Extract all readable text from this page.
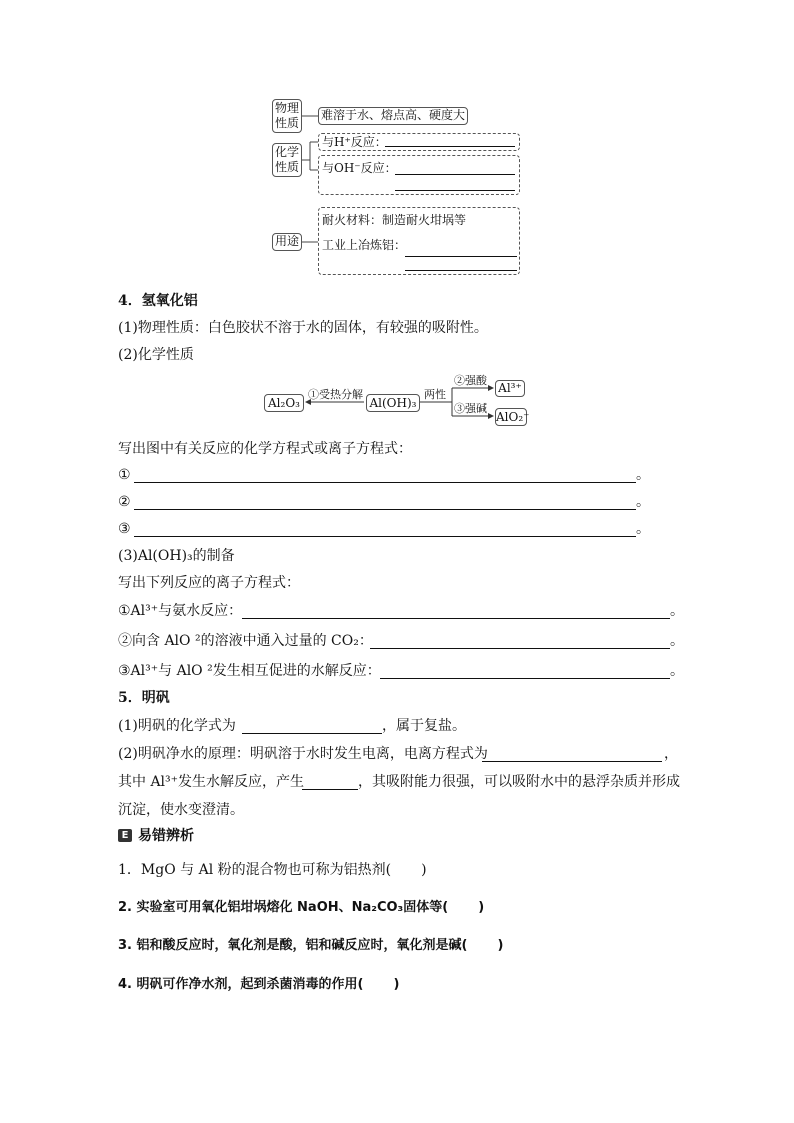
物理性质
难溶于水、熔点高、硬度大
化学性质
与H⁺反应：
与OH⁻反应：
用途
耐火材料：制造耐火坩埚等
工业上冶炼铝：
4．氢氧化铝
(1)物理性质：白色胶状不溶于水的固体，有较强的吸附性。
(2)化学性质
Al₂O₃
①受热分解
Al(OH)₃
两性
②强酸
③强碱
Al³⁺
AlO₂⁻
写出图中有关反应的化学方程式或离子方程式：
①	。
②	。
③	。
(3)Al(OH)₃的制备
写出下列反应的离子方程式：
①Al³⁺与氨水反应：	。
②向含 AlO ²的溶液中通入过量的 CO₂：	。
③Al³⁺与 AlO ²发生相互促进的水解反应：	。
5．明矾
(1)明矾的化学式为	，属于复盐。
(2)明矾净水的原理：明矾溶于水时发生电离，电离方程式为	，
其中 Al³⁺发生水解反应，产生	，其吸附能力很强，可以吸附水中的悬浮杂质并形成
沉淀，使水变澄清。
E 易错辨析
1．MgO 与 Al 粉的混合物也可称为铝热剂( )
2. 实验室可用氧化铝坩埚熔化 NaOH、Na₂CO₃固体等( )
3. 铝和酸反应时，氧化剂是酸，铝和碱反应时，氧化剂是碱( )
4. 明矾可作净水剂，起到杀菌消毒的作用( )
